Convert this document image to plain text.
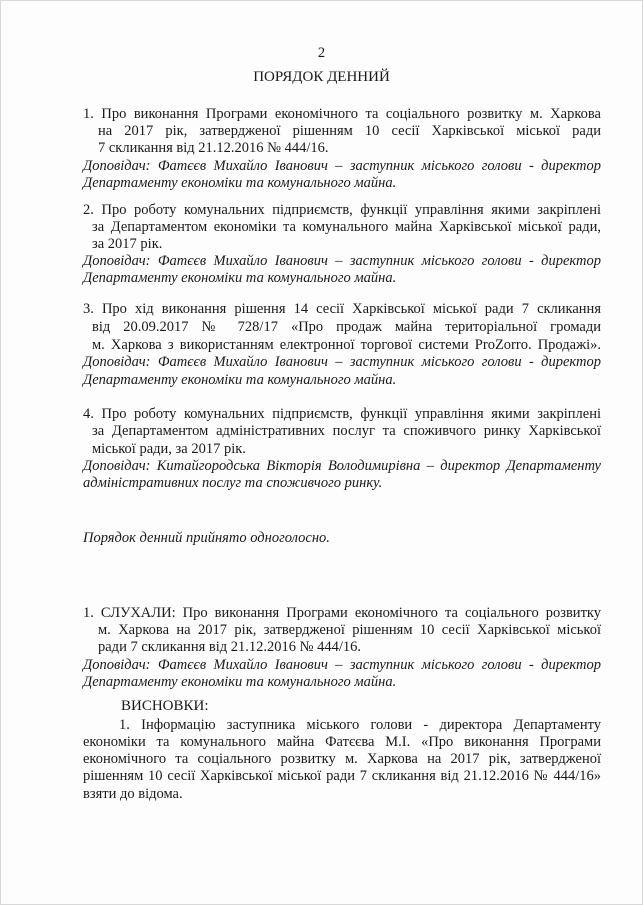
2
ПОРЯДОК ДЕННИЙ
1. Про виконання Програми економічного та соціального розвитку м. Харкова
на 2017 рік, затвердженої рішенням 10 сесії Харківської міської ради
7 скликання від 21.12.2016 № 444/16.
Доповідач: Фатєєв Михайло Іванович – заступник міського голови - директор
Департаменту економіки та комунального майна.
2. Про роботу комунальних підприємств, функції управління якими закріплені
за Департаментом економіки та комунального майна Харківської міської ради,
за 2017 рік.
Доповідач: Фатєєв Михайло Іванович – заступник міського голови - директор
Департаменту економіки та комунального майна.
3. Про хід виконання рішення 14 сесії Харківської міської ради 7 скликання
від 20.09.2017 № 728/17 «Про продаж майна територіальної громади
м. Харкова з використанням електронної торгової системи ProZorro. Продажі».
Доповідач: Фатєєв Михайло Іванович – заступник міського голови - директор
Департаменту економіки та комунального майна.
4. Про роботу комунальних підприємств, функції управління якими закріплені
за Департаментом адміністративних послуг та споживчого ринку Харківської
міської ради, за 2017 рік.
Доповідач: Китайгородська Вікторія Володимирівна – директор Департаменту
адміністративних послуг та споживчого ринку.
Порядок денний прийнято одноголосно.
1. СЛУХАЛИ: Про виконання Програми економічного та соціального розвитку
м. Харкова на 2017 рік, затвердженої рішенням 10 сесії Харківської міської
ради 7 скликання від 21.12.2016 № 444/16.
Доповідач: Фатєєв Михайло Іванович – заступник міського голови - директор
Департаменту економіки та комунального майна.
ВИСНОВКИ:
1. Інформацію заступника міського голови - директора Департаменту
економіки та комунального майна Фатєєва М.І. «Про виконання Програми
економічного та соціального розвитку м. Харкова на 2017 рік, затвердженої
рішенням 10 сесії Харківської міської ради 7 скликання від 21.12.2016 № 444/16»
взяти до відома.
